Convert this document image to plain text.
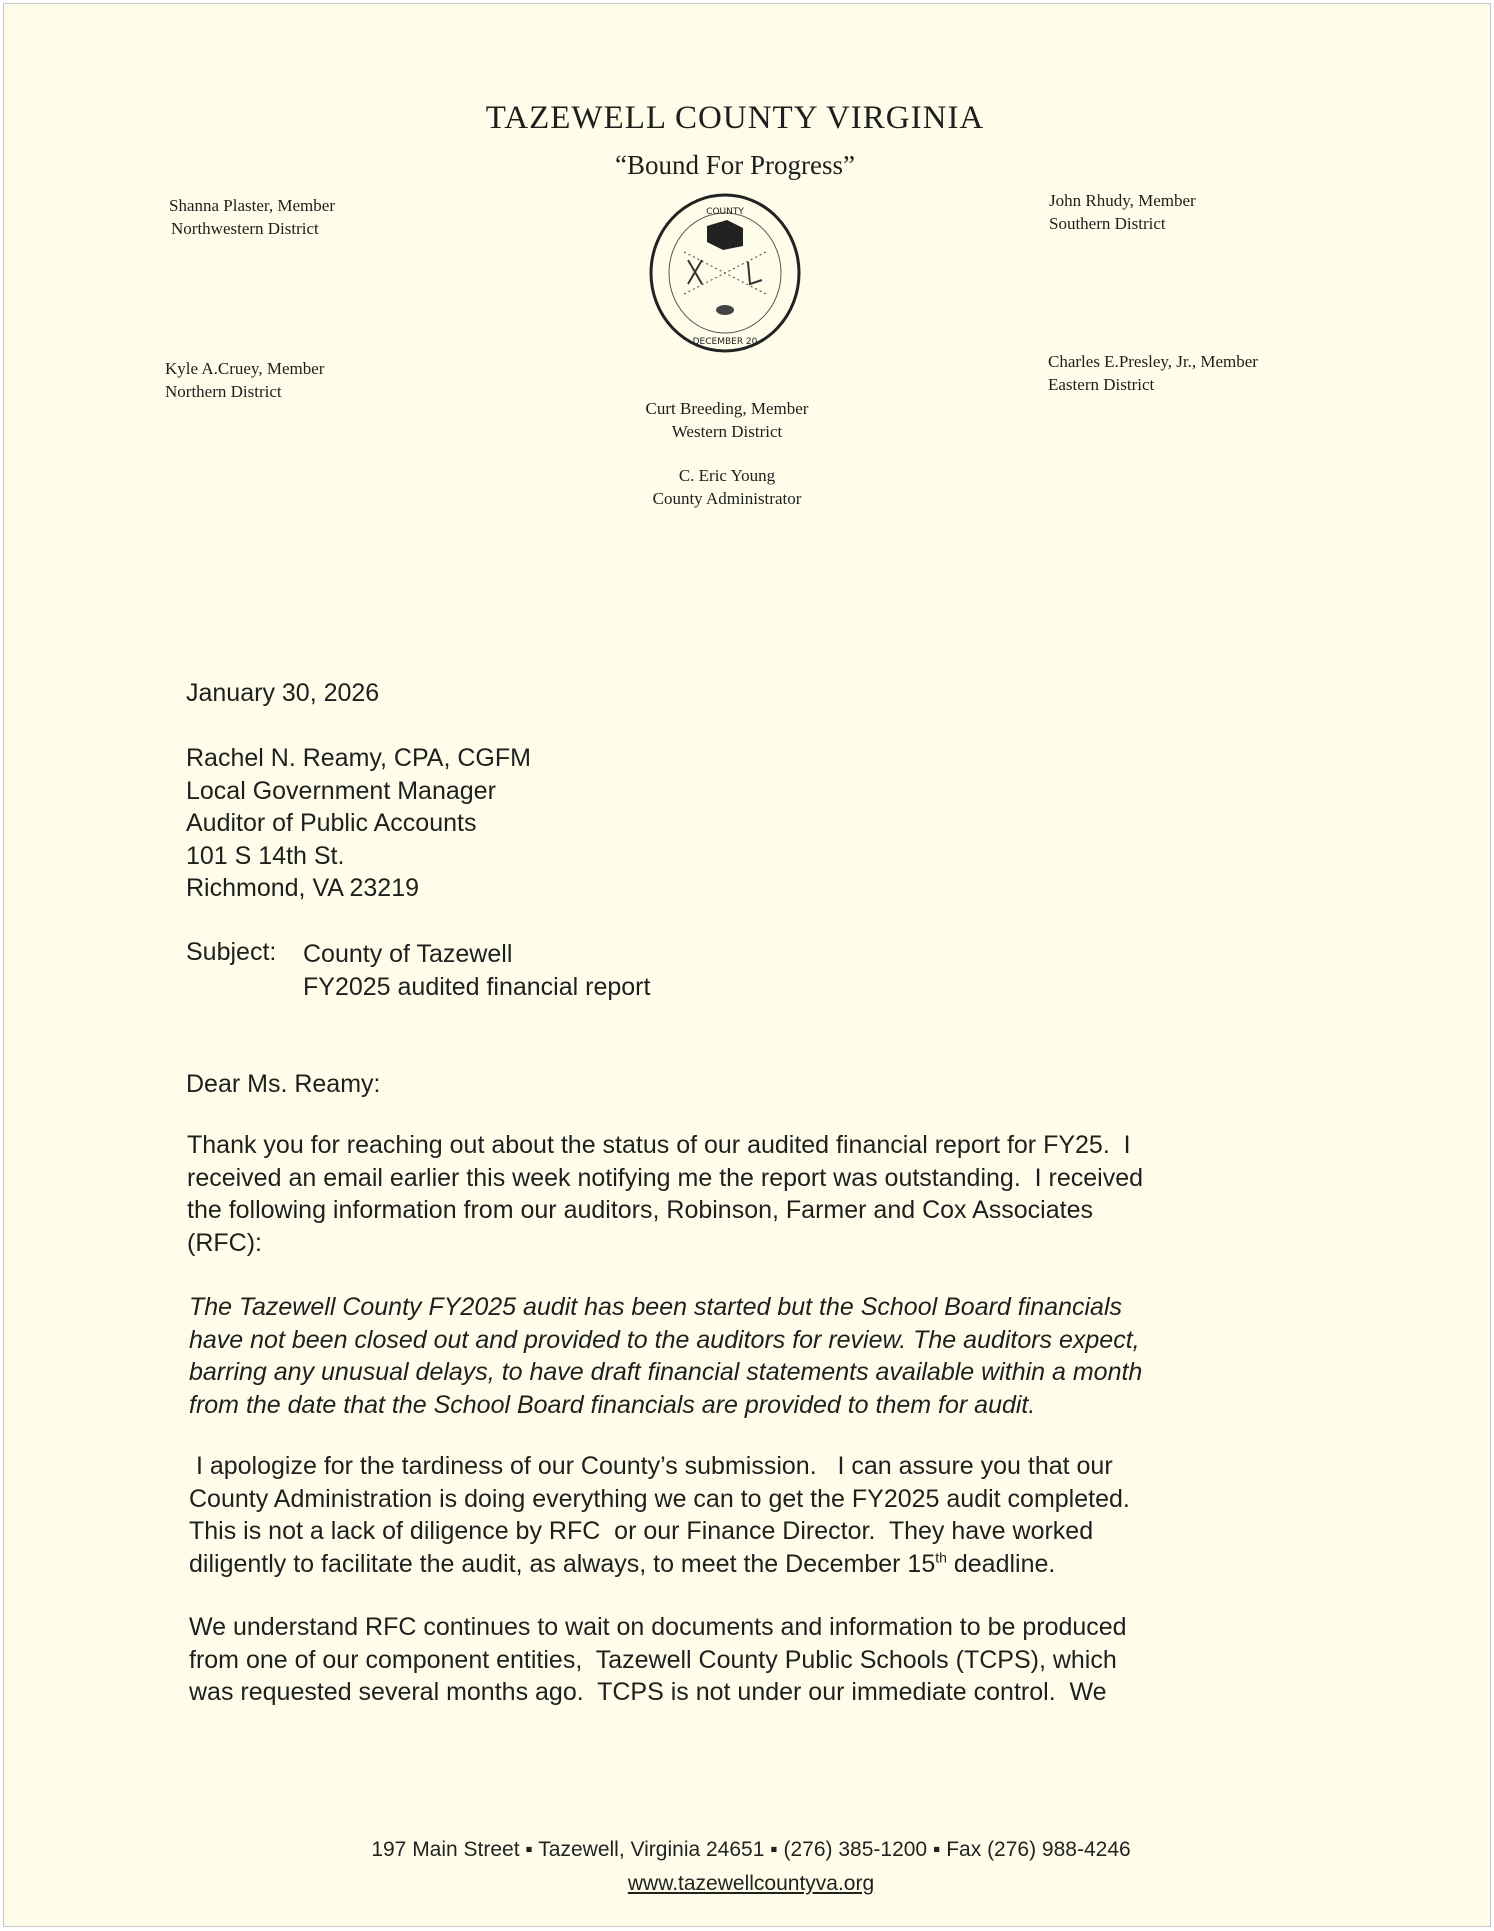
TAZEWELL COUNTY VIRGINIA
“Bound For Progress”
Shanna Plaster, Member
Northwestern District
John Rhudy, Member
Southern District
Kyle A.Cruey, Member
Northern District
Charles E.Presley, Jr., Member
Eastern District
Curt Breeding, Member
Western District
C. Eric Young
County Administrator
COUNTY
DECEMBER 20
January 30, 2026
Rachel N. Reamy, CPA, CGFM
Local Government Manager
Auditor of Public Accounts
101 S 14th St.
Richmond, VA 23219
Subject: County of Tazewell
FY2025 audited financial report
Dear Ms. Reamy:
Thank you for reaching out about the status of our audited financial report for FY25.  I
received an email earlier this week notifying me the report was outstanding.  I received
the following information from our auditors, Robinson, Farmer and Cox Associates
(RFC):
The Tazewell County FY2025 audit has been started but the School Board financials
have not been closed out and provided to the auditors for review. The auditors expect,
barring any unusual delays, to have draft financial statements available within a month
from the date that the School Board financials are provided to them for audit.
I apologize for the tardiness of our County’s submission.   I can assure you that our
County Administration is doing everything we can to get the FY2025 audit completed.
This is not a lack of diligence by RFC  or our Finance Director.  They have worked
diligently to facilitate the audit, as always, to meet the December 15th deadline.
We understand RFC continues to wait on documents and information to be produced
from one of our component entities,  Tazewell County Public Schools (TCPS), which
was requested several months ago.  TCPS is not under our immediate control.  We
197 Main Street ▪ Tazewell, Virginia 24651 ▪ (276) 385-1200 ▪ Fax (276) 988-4246
www.tazewellcountyva.org
